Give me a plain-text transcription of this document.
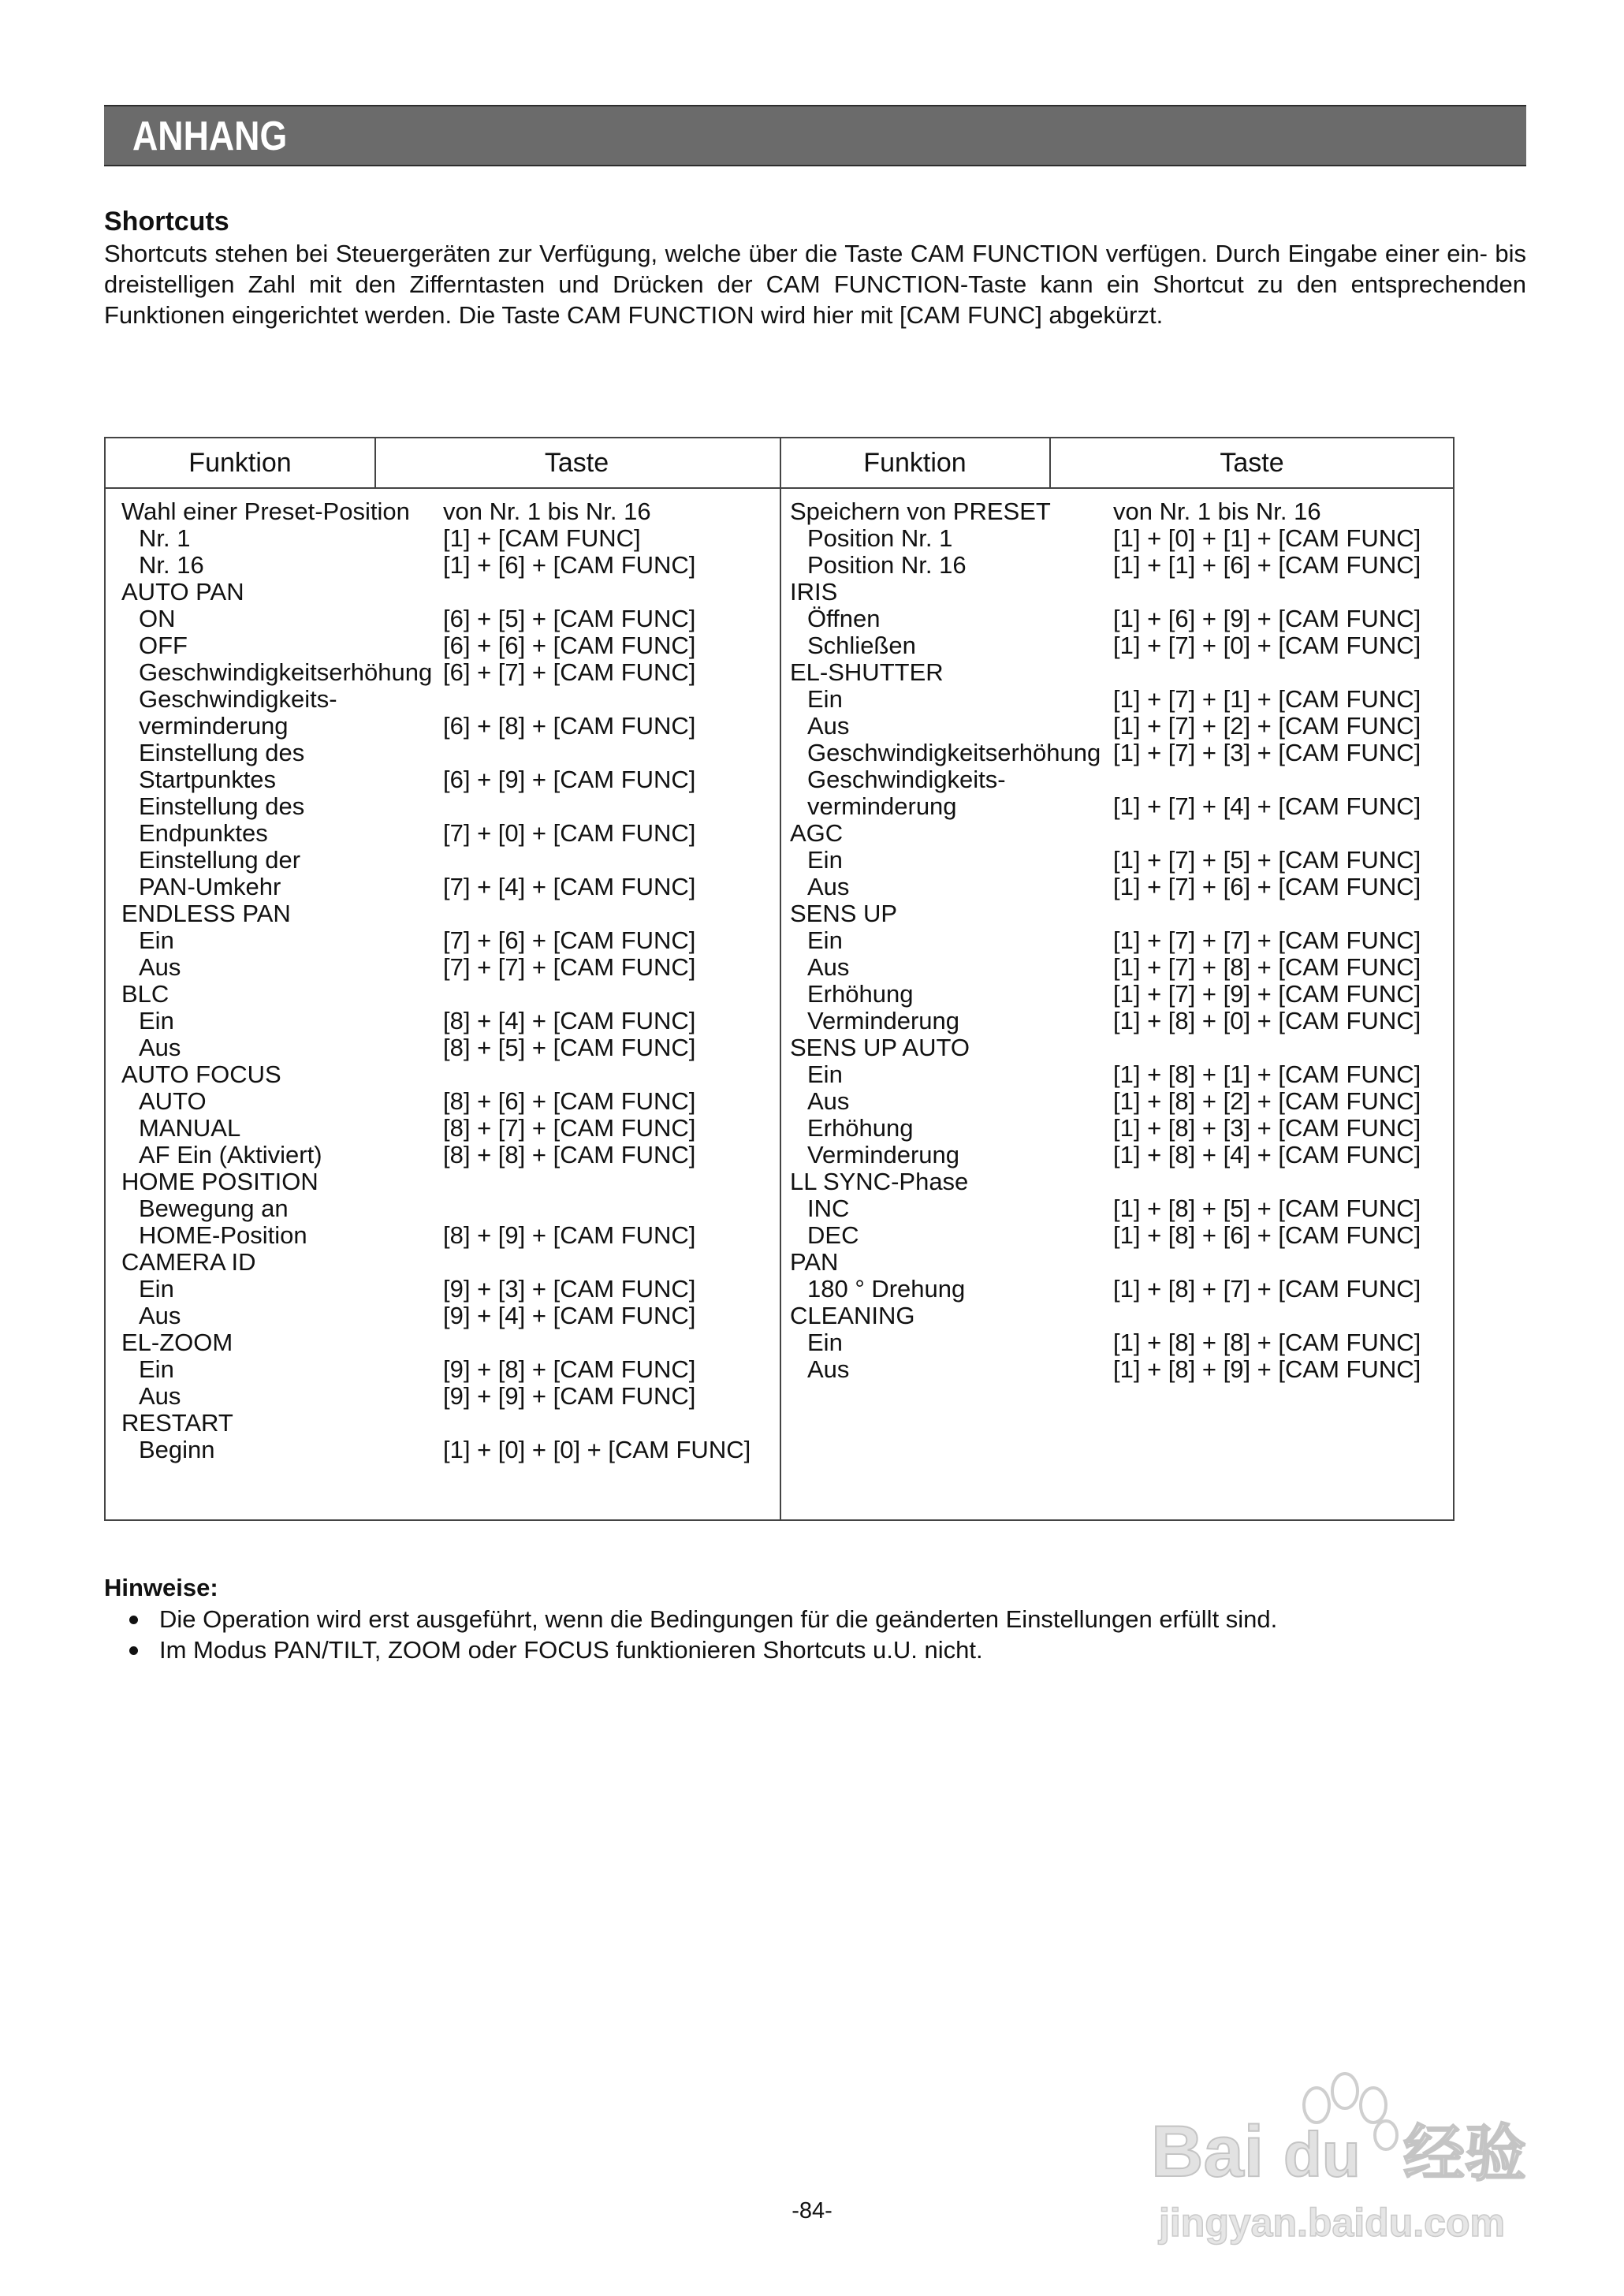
ANHANG
Shortcuts

Shortcuts stehen bei Steuergeräten zur Verfügung, welche über die Taste CAM FUNCTION verfügen. Durch Eingabe einer ein- bis dreistelligen Zahl mit den Zifferntasten und Drücken der CAM FUNCTION-Taste kann ein Shortcut zu den entsprechenden Funktionen eingerichtet werden. Die Taste CAM FUNCTION wird hier mit [CAM FUNC] abgekürzt.

Funktion	Taste	Funktion	Taste
Wahl einer Preset-Position von Nr. 1 bis Nr. 16
Nr. 1	[1] + [CAM FUNC]
Nr. 16	[1] + [6] + [CAM FUNC]
AUTO PAN
ON	[6] + [5] + [CAM FUNC]
OFF	[6] + [6] + [CAM FUNC]
Geschwindigkeitserhöhung [6] + [7] + [CAM FUNC]
Geschwindigkeits-
verminderung	[6] + [8] + [CAM FUNC]
Einstellung des
Startpunktes	[6] + [9] + [CAM FUNC]
Einstellung des
Endpunktes	[7] + [0] + [CAM FUNC]
Einstellung der
PAN-Umkehr	[7] + [4] + [CAM FUNC]
ENDLESS PAN
Ein	[7] + [6] + [CAM FUNC]
Aus	[7] + [7] + [CAM FUNC]
BLC
Ein	[8] + [4] + [CAM FUNC]
Aus	[8] + [5] + [CAM FUNC]
AUTO FOCUS
AUTO	[8] + [6] + [CAM FUNC]
MANUAL	[8] + [7] + [CAM FUNC]
AF Ein (Aktiviert)	[8] + [8] + [CAM FUNC]
HOME POSITION
Bewegung an
HOME-Position	[8] + [9] + [CAM FUNC]
CAMERA ID
Ein	[9] + [3] + [CAM FUNC]
Aus	[9] + [4] + [CAM FUNC]
EL-ZOOM
Ein	[9] + [8] + [CAM FUNC]
Aus	[9] + [9] + [CAM FUNC]
RESTART
Beginn	[1] + [0] + [0] + [CAM FUNC]
Speichern von PRESET	von Nr. 1 bis Nr. 16
Position Nr. 1	[1] + [0] + [1] + [CAM FUNC]
Position Nr. 16	[1] + [1] + [6] + [CAM FUNC]
IRIS
Öffnen	[1] + [6] + [9] + [CAM FUNC]
Schließen	[1] + [7] + [0] + [CAM FUNC]
EL-SHUTTER
Ein	[1] + [7] + [1] + [CAM FUNC]
Aus	[1] + [7] + [2] + [CAM FUNC]
Geschwindigkeitserhöhung [1] + [7] + [3] + [CAM FUNC]
Geschwindigkeits-
verminderung	[1] + [7] + [4] + [CAM FUNC]
AGC
Ein	[1] + [7] + [5] + [CAM FUNC]
Aus	[1] + [7] + [6] + [CAM FUNC]
SENS UP
Ein	[1] + [7] + [7] + [CAM FUNC]
Aus	[1] + [7] + [8] + [CAM FUNC]
Erhöhung	[1] + [7] + [9] + [CAM FUNC]
Verminderung	[1] + [8] + [0] + [CAM FUNC]
SENS UP AUTO
Ein	[1] + [8] + [1] + [CAM FUNC]
Aus	[1] + [8] + [2] + [CAM FUNC]
Erhöhung	[1] + [8] + [3] + [CAM FUNC]
Verminderung	[1] + [8] + [4] + [CAM FUNC]
LL SYNC-Phase
INC	[1] + [8] + [5] + [CAM FUNC]
DEC	[1] + [8] + [6] + [CAM FUNC]
PAN
180 ° Drehung	[1] + [8] + [7] + [CAM FUNC]
CLEANING
Ein	[1] + [8] + [8] + [CAM FUNC]
Aus	[1] + [8] + [9] + [CAM FUNC]
Hinweise:
Die Operation wird erst ausgeführt, wenn die Bedingungen für die geänderten Einstellungen erfüllt sind.
Im Modus PAN/TILT, ZOOM oder FOCUS funktionieren Shortcuts u.U. nicht.
-84-
Bai du 经验
jingyan.baidu.com
